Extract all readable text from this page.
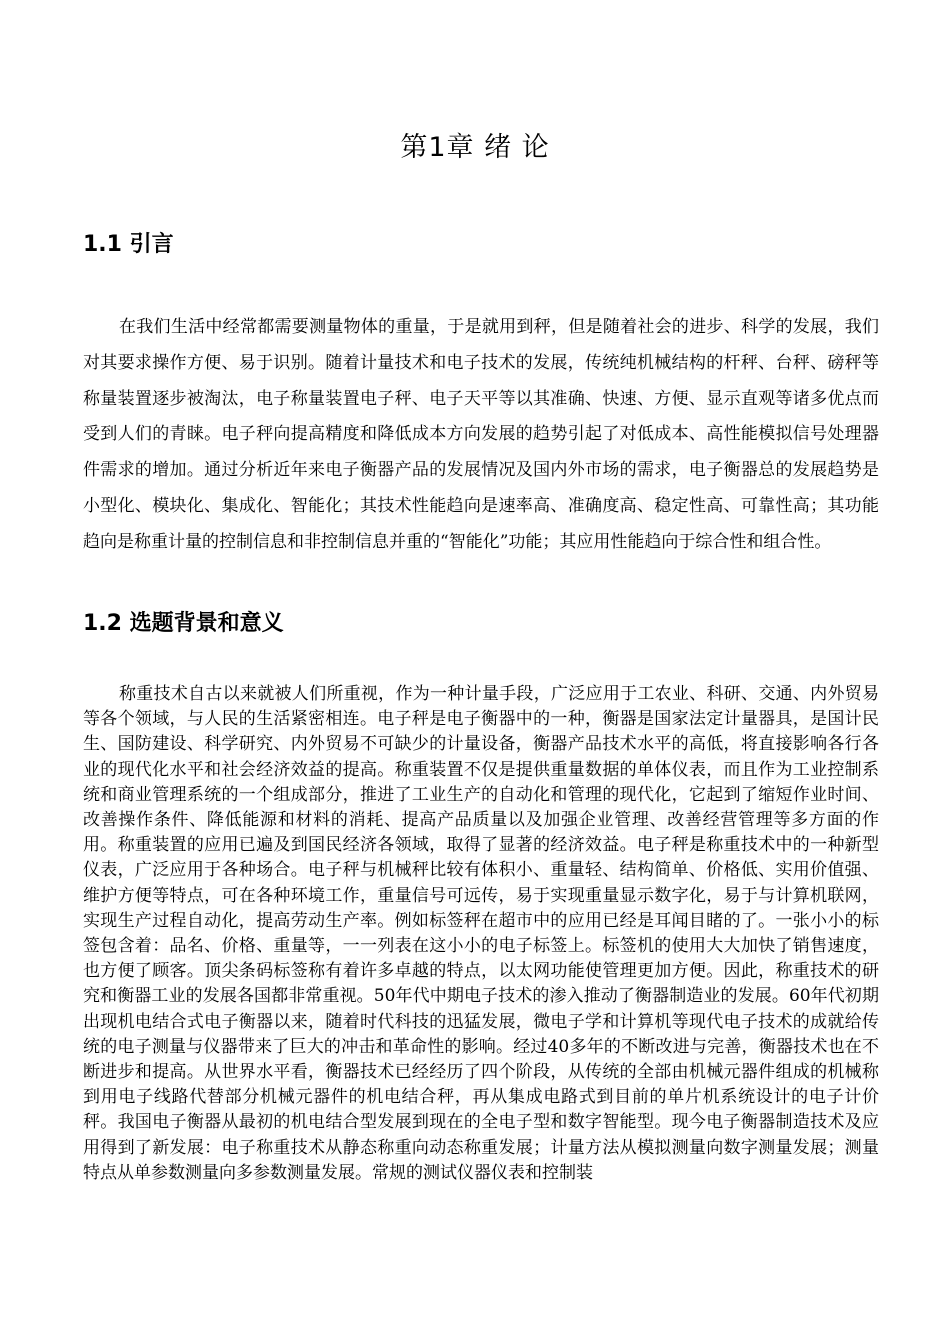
第1章 绪 论
1.1 引言

在我们生活中经常都需要测量物体的重量，于是就用到秤，但是随着社会的进步、科学的发展，我们对其要求操作方便、易于识别。随着计量技术和电子技术的发展，传统纯机械结构的杆秤、台秤、磅秤等称量装置逐步被淘汰，电子称量装置电子秤、电子天平等以其准确、快速、方便、显示直观等诸多优点而受到人们的青睐。电子秤向提高精度和降低成本方向发展的趋势引起了对低成本、高性能模拟信号处理器件需求的增加。通过分析近年来电子衡器产品的发展情况及国内外市场的需求，电子衡器总的发展趋势是小型化、模块化、集成化、智能化；其技术性能趋向是速率高、准确度高、稳定性高、可靠性高；其功能趋向是称重计量的控制信息和非控制信息并重的“智能化”功能；其应用性能趋向于综合性和组合性。

1.2 选题背景和意义

称重技术自古以来就被人们所重视，作为一种计量手段，广泛应用于工农业、科研、交通、内外贸易等各个领域，与人民的生活紧密相连。电子秤是电子衡器中的一种，衡器是国家法定计量器具，是国计民生、国防建设、科学研究、内外贸易不可缺少的计量设备，衡器产品技术水平的高低，将直接影响各行各业的现代化水平和社会经济效益的提高。称重装置不仅是提供重量数据的单体仪表，而且作为工业控制系统和商业管理系统的一个组成部分，推进了工业生产的自动化和管理的现代化，它起到了缩短作业时间、改善操作条件、降低能源和材料的消耗、提高产品质量以及加强企业管理、改善经营管理等多方面的作用。称重装置的应用已遍及到国民经济各领域，取得了显著的经济效益。电子秤是称重技术中的一种新型仪表，广泛应用于各种场合。电子秤与机械秤比较有体积小、重量轻、结构简单、价格低、实用价值强、维护方便等特点，可在各种环境工作，重量信号可远传，易于实现重量显示数字化，易于与计算机联网，实现生产过程自动化，提高劳动生产率。例如标签秤在超市中的应用已经是耳闻目睹的了。一张小小的标签包含着：品名、价格、重量等，一一列表在这小小的电子标签上。标签机的使用大大加快了销售速度，也方便了顾客。顶尖条码标签称有着许多卓越的特点，以太网功能使管理更加方便。因此，称重技术的研究和衡器工业的发展各国都非常重视。50年代中期电子技术的渗入推动了衡器制造业的发展。60年代初期出现机电结合式电子衡器以来，随着时代科技的迅猛发展，微电子学和计算机等现代电子技术的成就给传统的电子测量与仪器带来了巨大的冲击和革命性的影响。经过40多年的不断改进与完善，衡器技术也在不断进步和提高。从世界水平看，衡器技术已经经历了四个阶段，从传统的全部由机械元器件组成的机械称到用电子线路代替部分机械元器件的机电结合秤，再从集成电路式到目前的单片机系统设计的电子计价秤。我国电子衡器从最初的机电结合型发展到现在的全电子型和数字智能型。现今电子衡器制造技术及应用得到了新发展：电子称重技术从静态称重向动态称重发展；计量方法从模拟测量向数字测量发展；测量特点从单参数测量向多参数测量发展。常规的测试仪器仪表和控制装
